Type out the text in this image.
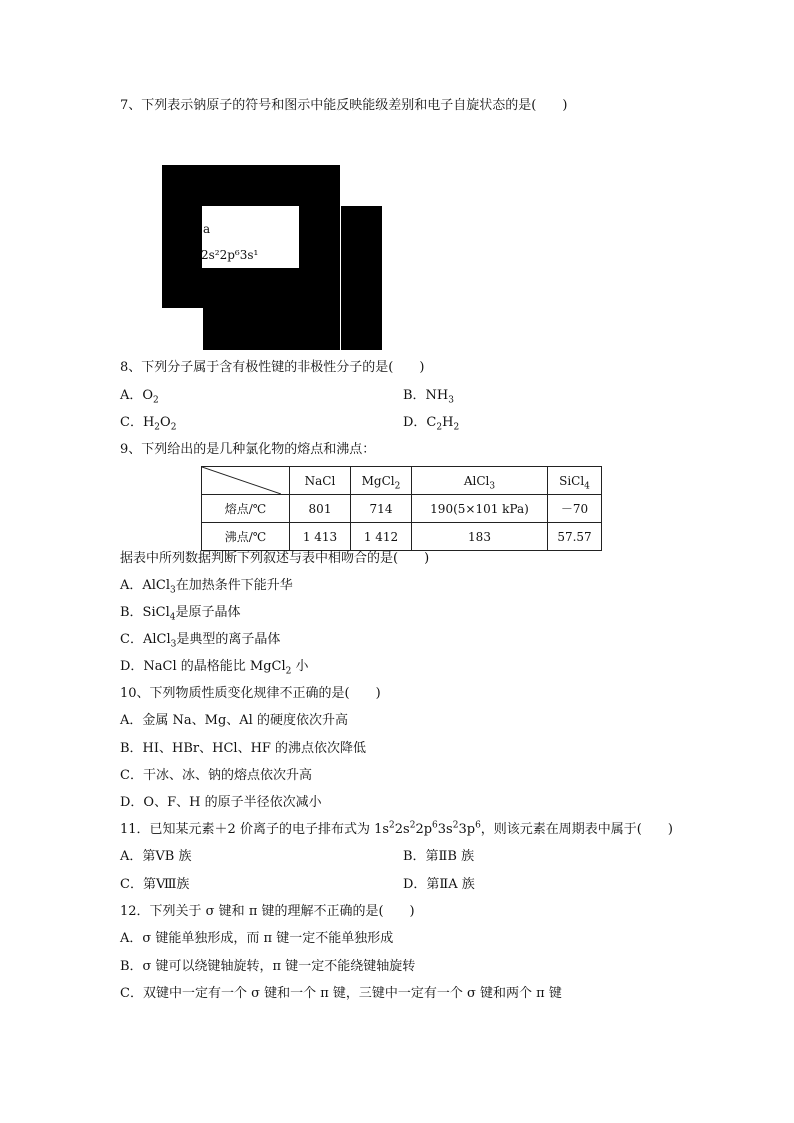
7、下列表示钠原子的符号和图示中能反映能级差别和电子自旋状态的是(　　)
a
2s²2p⁶3s¹
8、下列分子属于含有极性键的非极性分子的是(　　)
A．$O_2$	B．$NH_3$
C．$H_2O_2$	D．$C_2H_2$
9、下列给出的是几种氯化物的熔点和沸点：
	NaCl	MgCl$_2$	AlCl$_3$	SiCl$_4$
熔点/℃	801	714	190(5×101 kPa)	－70
沸点/℃	1 413	1 412	183	57.57
据表中所列数据判断下列叙述与表中相吻合的是(　　)
A．AlCl$_3$在加热条件下能升华
B．SiCl$_4$是原子晶体
C．AlCl$_3$是典型的离子晶体
D．NaCl 的晶格能比 MgCl$_2$ 小
10、下列物质性质变化规律不正确的是(　　)
A．金属 Na、Mg、Al 的硬度依次升高
B．HI、HBr、HCl、HF 的沸点依次降低
C．干冰、冰、钠的熔点依次升高
D．O、F、H 的原子半径依次减小
11．已知某元素＋2 价离子的电子排布式为 $1s^22s^22p^63s^23p^6$，则该元素在周期表中属于(　　)
A．第ⅤB 族	B．第ⅡB 族
C．第Ⅷ族	D．第ⅡA 族
12．下列关于 σ 键和 π 键的理解不正确的是(　　)
A．σ 键能单独形成，而 π 键一定不能单独形成
B．σ 键可以绕键轴旋转，π 键一定不能绕键轴旋转
C．双键中一定有一个 σ 键和一个 π 键，三键中一定有一个 σ 键和两个 π 键
